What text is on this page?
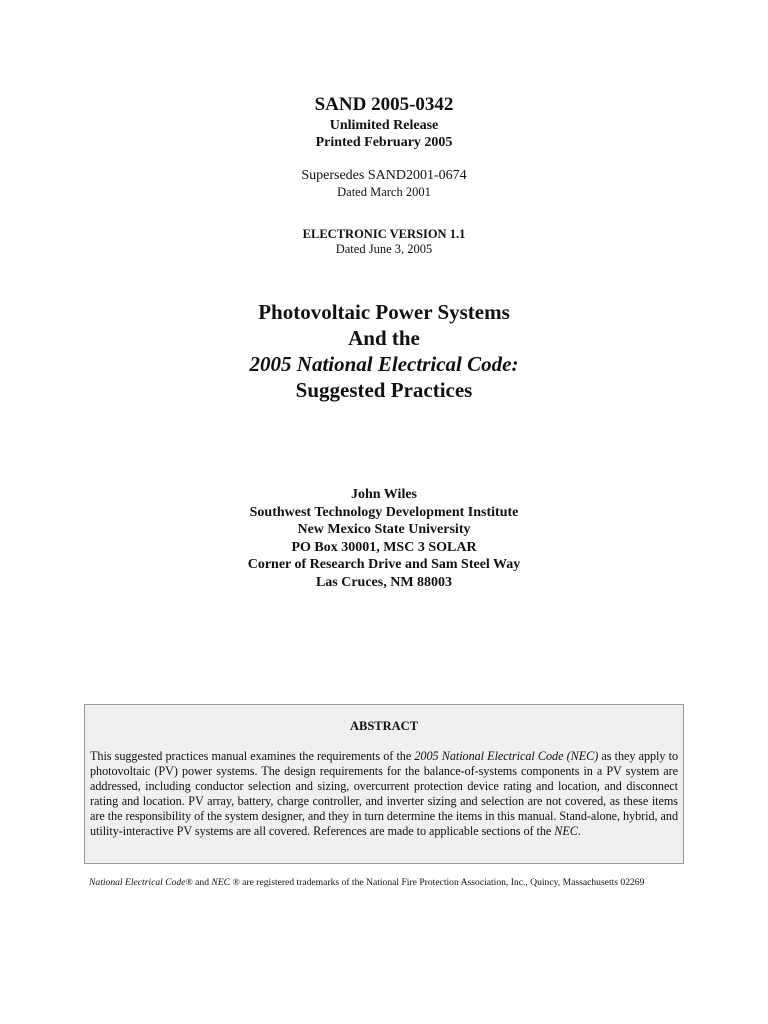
SAND 2005-0342
Unlimited Release
Printed February 2005
Supersedes SAND2001-0674
Dated March 2001
ELECTRONIC VERSION 1.1
Dated June 3, 2005
Photovoltaic Power Systems
And the
2005 National Electrical Code:
Suggested Practices
John Wiles
Southwest Technology Development Institute
New Mexico State University
PO Box 30001, MSC 3 SOLAR
Corner of Research Drive and Sam Steel Way
Las Cruces, NM 88003
ABSTRACT
This suggested practices manual examines the requirements of the 2005 National Electrical Code (NEC) as they apply to photovoltaic (PV) power systems. The design requirements for the balance-of-systems components in a PV system are addressed, including conductor selection and sizing, overcurrent protection device rating and location, and disconnect rating and location. PV array, battery, charge controller, and inverter sizing and selection are not covered, as these items are the responsibility of the system designer, and they in turn determine the items in this manual. Stand-alone, hybrid, and utility-interactive PV systems are all covered. References are made to applicable sections of the NEC.
National Electrical Code® and NEC ® are registered trademarks of the National Fire Protection Association, Inc., Quincy, Massachusetts 02269
